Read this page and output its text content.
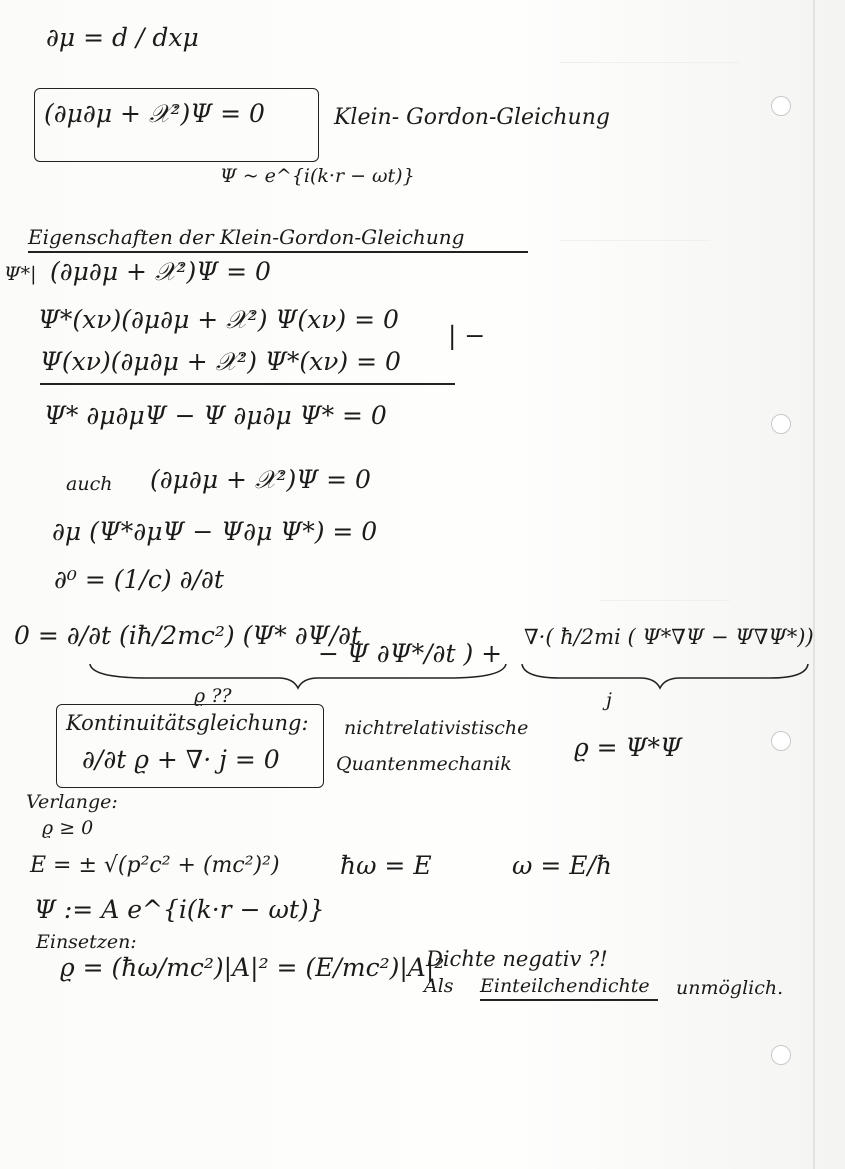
∂μ = d / dxμ
(∂μ∂μ + 𝒳²)Ψ = 0	Klein- Gordon-Gleichung
Ψ ~ e^{i(k·r − ωt)}
Eigenschaften der Klein-Gordon-Gleichung
Ψ*| (∂μ∂μ + 𝒳²)Ψ = 0
Ψ*(xν)(∂μ∂μ + 𝒳²) Ψ(xν) = 0
Ψ(xν)(∂μ∂μ + 𝒳²) Ψ*(xν) = 0
| −
Ψ* ∂μ∂μΨ − Ψ ∂μ∂μ Ψ* = 0
auch (∂μ∂μ + 𝒳²)Ψ = 0
∂μ (Ψ*∂μΨ − Ψ∂μ Ψ*) = 0
∂⁰ = (1/c) ∂/∂t
0 = ∂/∂t (iħ/2mc²) (Ψ* ∂Ψ/∂t
− Ψ ∂Ψ*/∂t ) +
∇·( ħ/2mi ( Ψ*∇Ψ − Ψ∇Ψ*))
ϱ ??	j
Kontinuitätsgleichung:
∂/∂t ϱ + ∇· j = 0
nichtrelativistische
Quantenmechanik
ϱ = Ψ*Ψ
Verlange:
ϱ ≥ 0
E = ± √(p²c² + (mc²)²) ħω = E	ω = E/ħ
Ψ := A e^{i(k·r − ωt)}
Einsetzen:
ϱ = (ħω/mc²)|A|² = (E/mc²)|A|²
Dichte negativ ?!
Als Einteilchendichte unmöglich.
